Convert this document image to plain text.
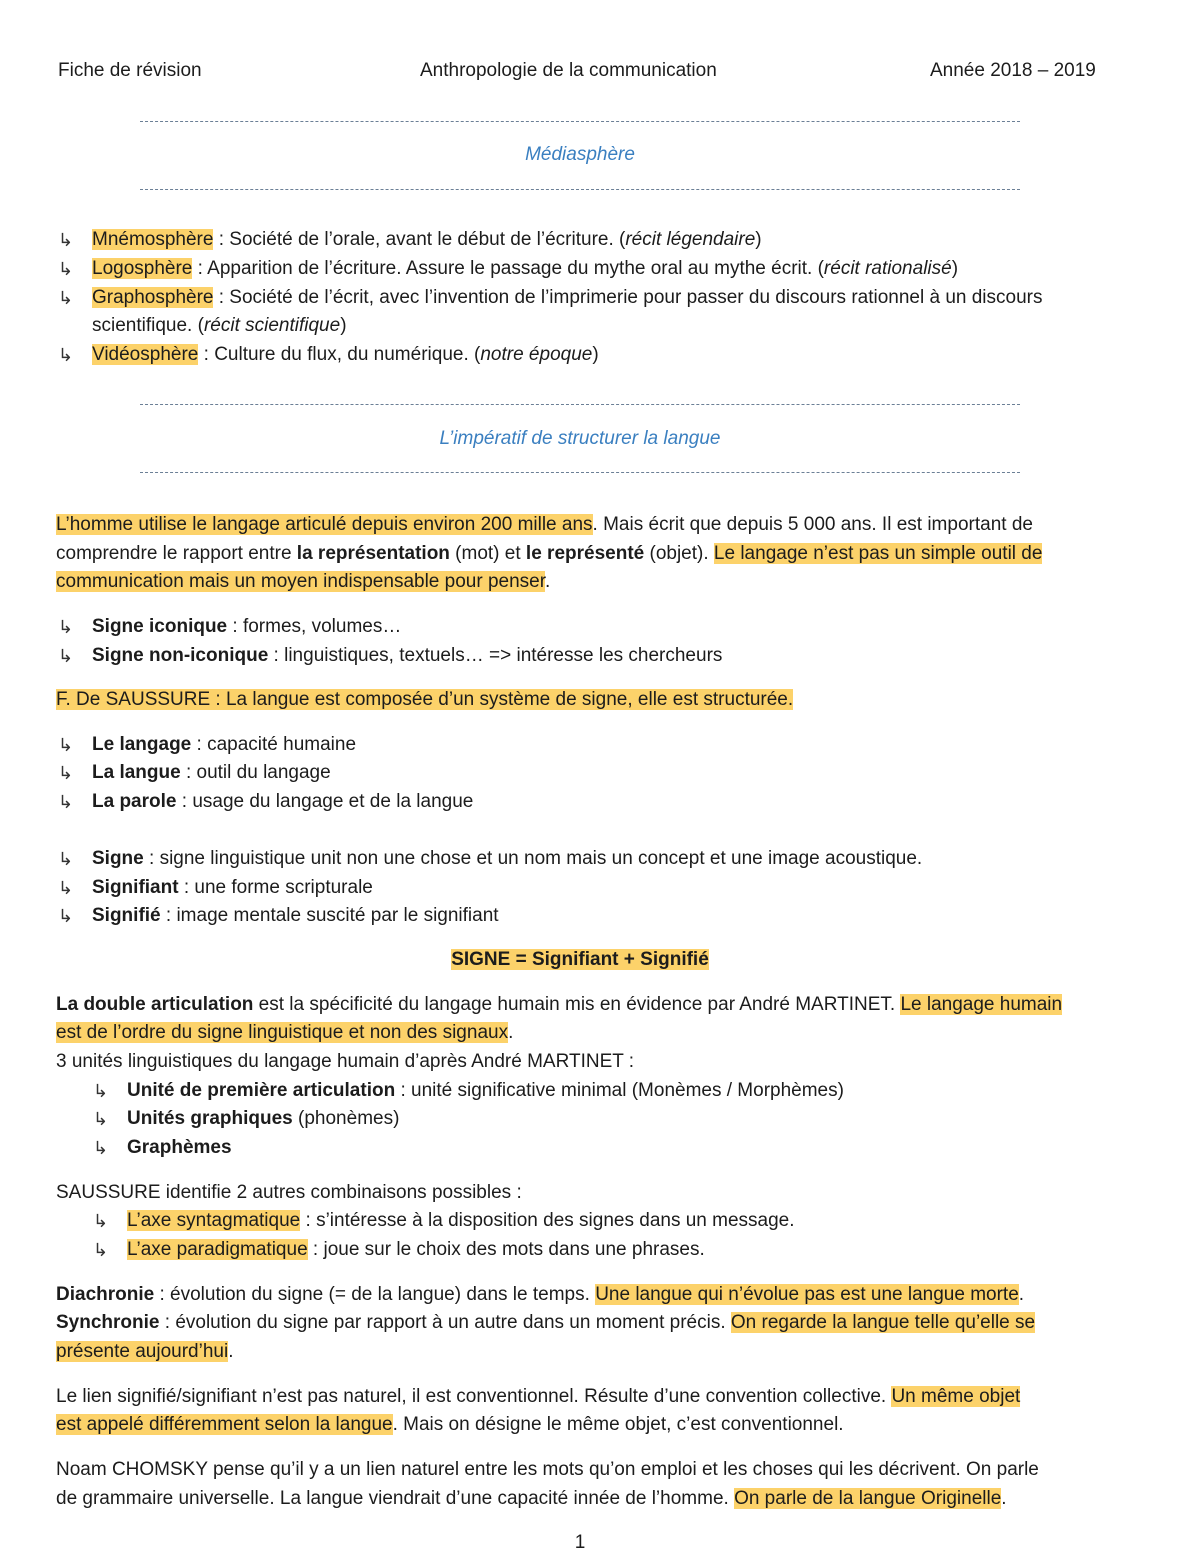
Fiche de révision	Anthropologie de la communication	Année 2018 – 2019
Médiasphère
↳ Mnémosphère : Société de l’orale, avant le début de l’écriture. (récit légendaire)
↳ Logosphère : Apparition de l’écriture. Assure le passage du mythe oral au mythe écrit. (récit rationalisé)
↳ Graphosphère : Société de l’écrit, avec l’invention de l’imprimerie pour passer du discours rationnel à un discours
scientifique. (récit scientifique)
↳ Vidéosphère : Culture du flux, du numérique. (notre époque)
L’impératif de structurer la langue
L’homme utilise le langage articulé depuis environ 200 mille ans. Mais écrit que depuis 5 000 ans. Il est important de
comprendre le rapport entre la représentation (mot) et le représenté (objet). Le langage n’est pas un simple outil de
communication mais un moyen indispensable pour penser.
↳ Signe iconique : formes, volumes…
↳ Signe non-iconique : linguistiques, textuels… => intéresse les chercheurs
F. De SAUSSURE : La langue est composée d’un système de signe, elle est structurée.
↳ Le langage : capacité humaine
↳ La langue : outil du langage
↳ La parole : usage du langage et de la langue
↳ Signe : signe linguistique unit non une chose et un nom mais un concept et une image acoustique.
↳ Signifiant : une forme scripturale
↳ Signifié : image mentale suscité par le signifiant
SIGNE = Signifiant + Signifié
La double articulation est la spécificité du langage humain mis en évidence par André MARTINET. Le langage humain
est de l’ordre du signe linguistique et non des signaux.
3 unités linguistiques du langage humain d’après André MARTINET :
↳ Unité de première articulation : unité significative minimal (Monèmes / Morphèmes)
↳ Unités graphiques (phonèmes)
↳ Graphèmes
SAUSSURE identifie 2 autres combinaisons possibles :
↳ L’axe syntagmatique : s’intéresse à la disposition des signes dans un message.
↳ L’axe paradigmatique : joue sur le choix des mots dans une phrases.
Diachronie : évolution du signe (= de la langue) dans le temps. Une langue qui n’évolue pas est une langue morte.
Synchronie : évolution du signe par rapport à un autre dans un moment précis. On regarde la langue telle qu’elle se
présente aujourd’hui.
Le lien signifié/signifiant n’est pas naturel, il est conventionnel. Résulte d’une convention collective. Un même objet
est appelé différemment selon la langue. Mais on désigne le même objet, c’est conventionnel.
Noam CHOMSKY pense qu’il y a un lien naturel entre les mots qu’on emploi et les choses qui les décrivent. On parle
de grammaire universelle. La langue viendrait d’une capacité innée de l’homme. On parle de la langue Originelle.
1
